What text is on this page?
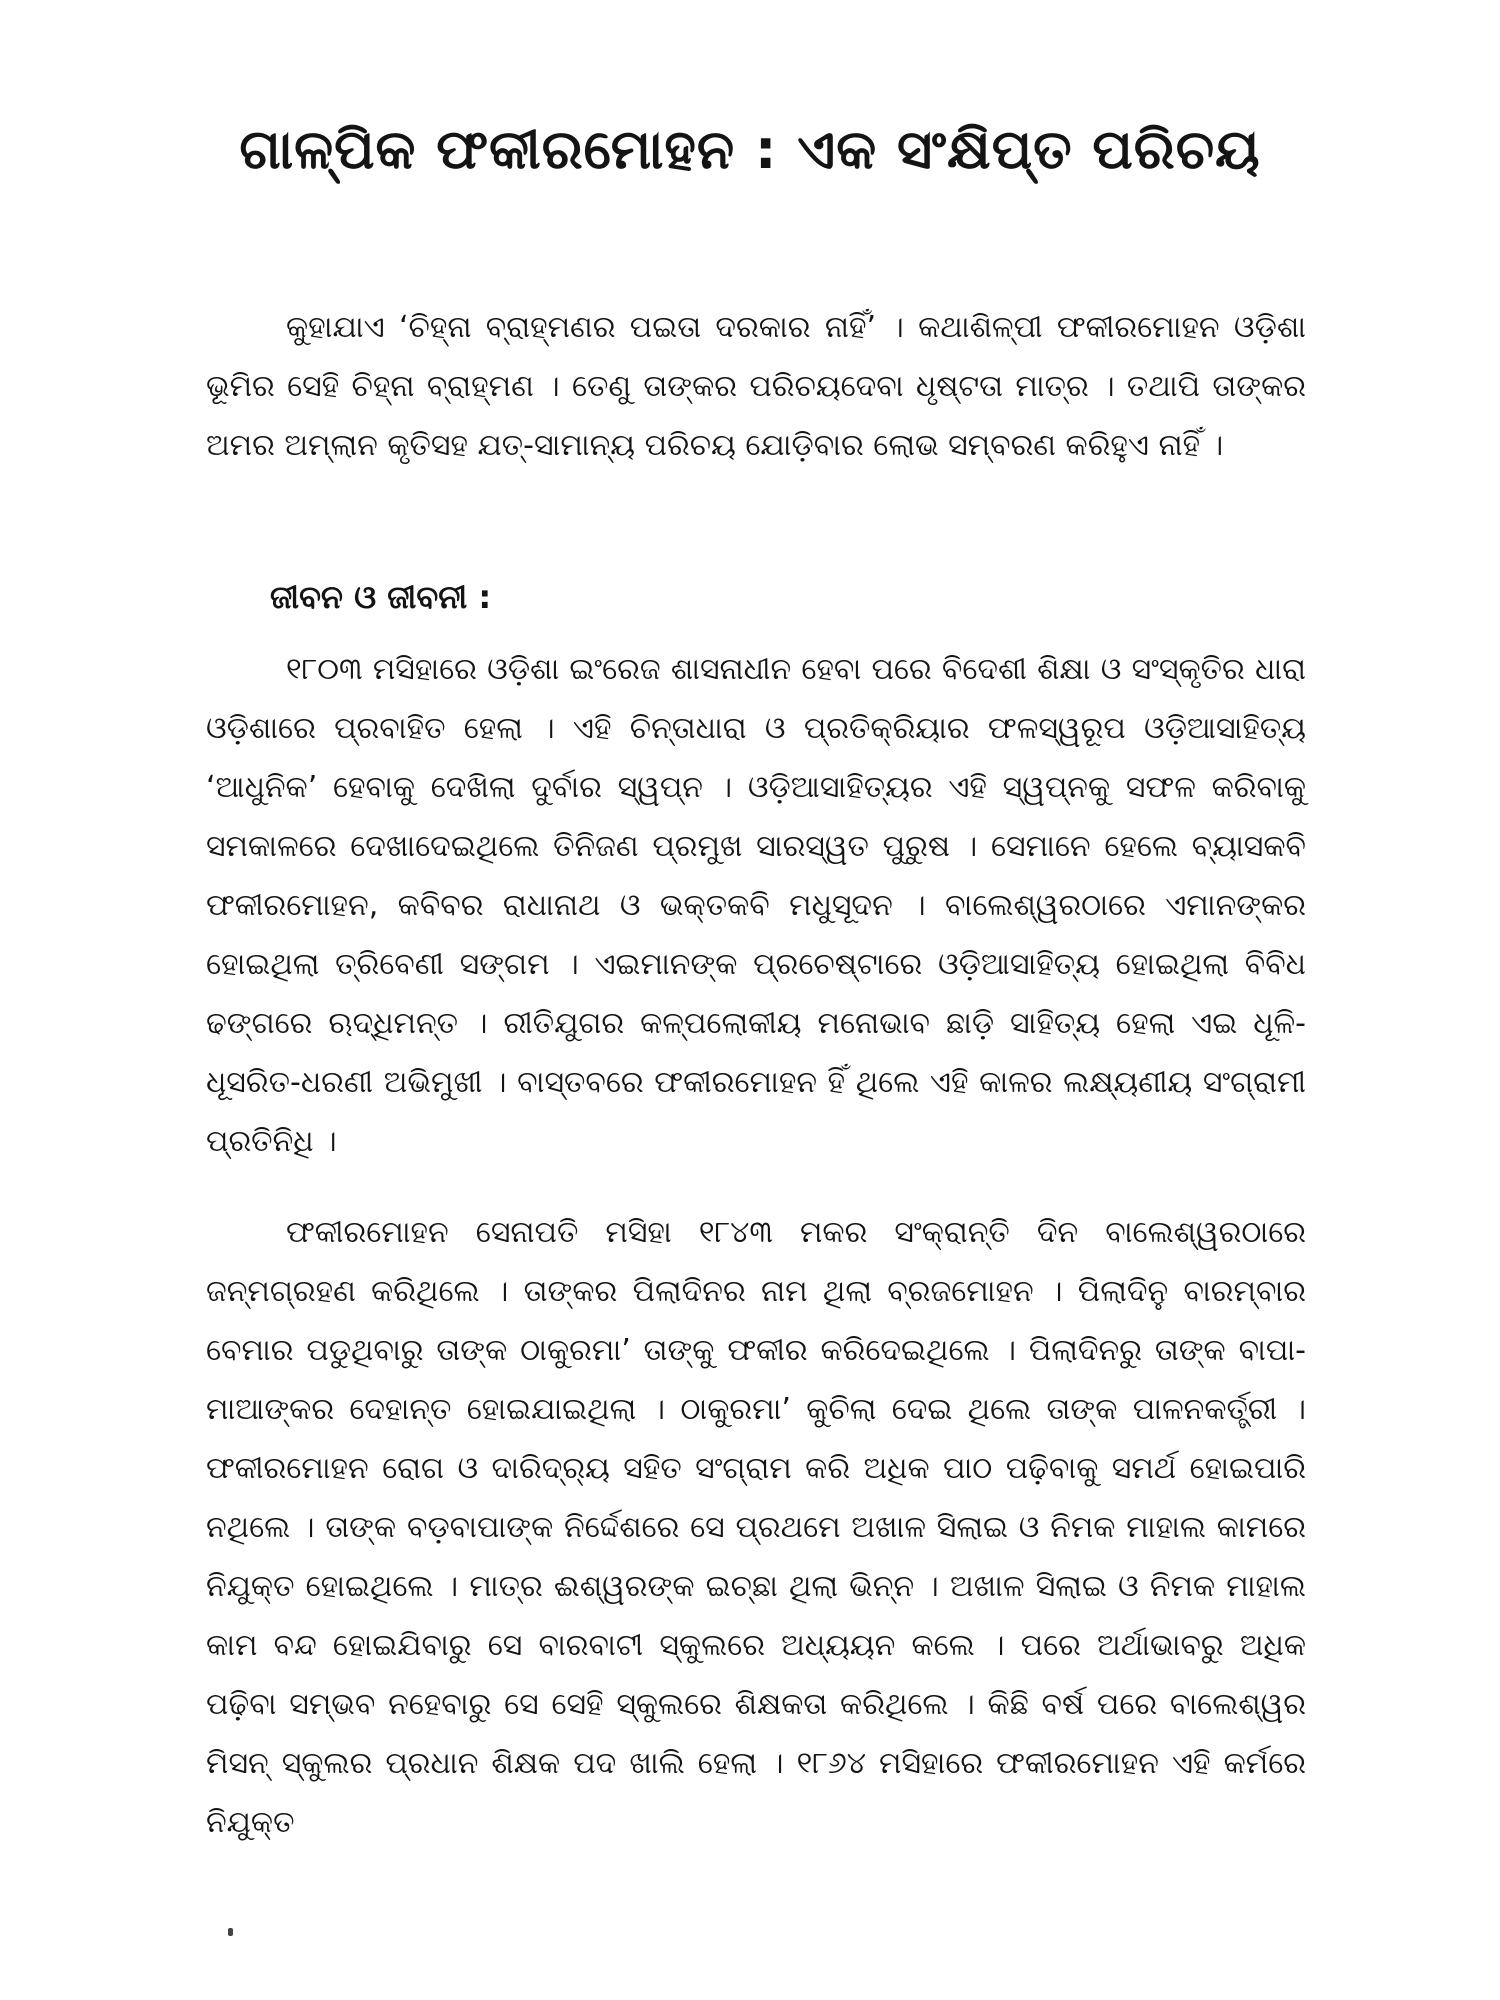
ଗାଳ୍ପିକ ଫକୀରମୋହନ : ଏକ ସଂକ୍ଷିପ୍ତ ପରିଚୟ

କୁହାଯାଏ ‘ଚିହ୍ନା ବ୍ରାହ୍ମଣର ପଇତା ଦରକାର ନାହିଁ’ । କଥାଶିଳ୍ପୀ ଫକୀରମୋହନ ଓଡ଼ିଶା ଭୂମିର ସେହି ଚିହ୍ନା ବ୍ରାହ୍ମଣ । ତେଣୁ ତାଙ୍କର ପରିଚୟଦେବା ଧୃଷ୍ଟତା ମାତ୍ର । ତଥାପି ତାଙ୍କର ଅମର ଅମ୍ଲାନ କୃତିସହ ଯତ୍‌-ସାମାନ୍ୟ ପରିଚୟ ଯୋଡ଼ିବାର ଲୋଭ ସମ୍ବରଣ କରିହୁଏ ନାହିଁ ।

ଜୀବନ ଓ ଜୀବନୀ :

୧୮୦୩ ମସିହାରେ ଓଡ଼ିଶା ଇଂରେଜ ଶାସନାଧୀନ ହେବା ପରେ ବିଦେଶୀ ଶିକ୍ଷା ଓ ସଂସ୍କୃତିର ଧାରା ଓଡ଼ିଶାରେ ପ୍ରବାହିତ ହେଲା । ଏହି ଚିନ୍ତାଧାରା ଓ ପ୍ରତିକ୍ରିୟାର ଫଳସ୍ୱରୂପ ଓଡ଼ିଆସାହିତ୍ୟ ‘ଆଧୁନିକ’ ହେବାକୁ ଦେଖିଲା ଦୁର୍ବାର ସ୍ୱପ୍ନ । ଓଡ଼ିଆସାହିତ୍ୟର ଏହି ସ୍ୱପ୍ନକୁ ସଫଳ କରିବାକୁ ସମକାଳରେ ଦେଖାଦେଇଥିଲେ ତିନିଜଣ ପ୍ରମୁଖ ସାରସ୍ୱତ ପୁରୁଷ । ସେମାନେ ହେଲେ ବ୍ୟାସକବି ଫକୀରମୋହନ, କବିବର ରାଧାନାଥ ଓ ଭକ୍ତକବି ମଧୁସୂଦନ । ବାଲେଶ୍ୱରଠାରେ ଏମାନଙ୍କର ହୋଇଥିଲା ତ୍ରିବେଣୀ ସଙ୍ଗମ । ଏଇମାନଙ୍କ ପ୍ରଚେଷ୍ଟାରେ ଓଡ଼ିଆସାହିତ୍ୟ ହୋଇଥିଲା ବିବିଧ ଢଙ୍ଗରେ ଋଦ୍ଧିମନ୍ତ । ରୀତିଯୁଗର କଳ୍ପଲୋକୀୟ ମନୋଭାବ ଛାଡ଼ି ସାହିତ୍ୟ ହେଲା ଏଇ ଧୂଳି-ଧୂସରିତ-ଧରଣୀ ଅଭିମୁଖୀ । ବାସ୍ତବରେ ଫକୀରମୋହନ ହିଁ ଥିଲେ ଏହି କାଳର ଲକ୍ଷ୍ୟଣୀୟ ସଂଗ୍ରାମୀ ପ୍ରତିନିଧି ।

ଫକୀରମୋହନ ସେନାପତି ମସିହା ୧୮୪୩ ମକର ସଂକ୍ରାନ୍ତି ଦିନ ବାଲେଶ୍ୱରଠାରେ ଜନ୍ମଗ୍ରହଣ କରିଥିଲେ । ତାଙ୍କର ପିଲାଦିନର ନାମ ଥିଲା ବ୍ରଜମୋହନ । ପିଲାଦିନୁ ବାରମ୍ବାର ବେମାର ପଡୁଥିବାରୁ ତାଙ୍କ ଠାକୁରମା’ ତାଙ୍କୁ ଫକୀର କରିଦେଇଥିଲେ । ପିଲାଦିନରୁ ତାଙ୍କ ବାପା-ମାଆଙ୍କର ଦେହାନ୍ତ ହୋଇଯାଇଥିଲା । ଠାକୁରମା’ କୁଚିଲା ଦେଇ ଥିଲେ ତାଙ୍କ ପାଳନକର୍ତ୍ତ୍ରୀ । ଫକୀରମୋହନ ରୋଗ ଓ ଦାରିଦ୍ର୍ୟ ସହିତ ସଂଗ୍ରାମ କରି ଅଧିକ ପାଠ ପଢ଼ିବାକୁ ସମର୍ଥ ହୋଇପାରି ନଥିଲେ । ତାଙ୍କ ବଡ଼ବାପାଙ୍କ ନିର୍ଦ୍ଦେଶରେ ସେ ପ୍ରଥମେ ଅଖାଳ ସିଲାଇ ଓ ନିମକ ମାହାଲ କାମରେ ନିଯୁକ୍ତ ହୋଇଥିଲେ । ମାତ୍ର ଈଶ୍ୱରଙ୍କ ଇଚ୍ଛା ଥିଲା ଭିନ୍ନ । ଅଖାଳ ସିଲାଇ ଓ ନିମକ ମାହାଲ କାମ ବନ୍ଦ ହୋଇଯିବାରୁ ସେ ବାରବାଟୀ ସ୍କୁଲରେ ଅଧ୍ୟୟନ କଲେ । ପରେ ଅର୍ଥାଭାବରୁ ଅଧିକ ପଢ଼ିବା ସମ୍ଭବ ନହେବାରୁ ସେ ସେହି ସ୍କୁଲରେ ଶିକ୍ଷକତା କରିଥିଲେ । କିଛି ବର୍ଷ ପରେ ବାଲେଶ୍ୱର ମିସନ୍ ସ୍କୁଲର ପ୍ରଧାନ ଶିକ୍ଷକ ପଦ ଖାଲି ହେଲା । ୧୮୬୪ ମସିହାରେ ଫକୀରମୋହନ ଏହି କର୍ମରେ ନିଯୁକ୍ତ
